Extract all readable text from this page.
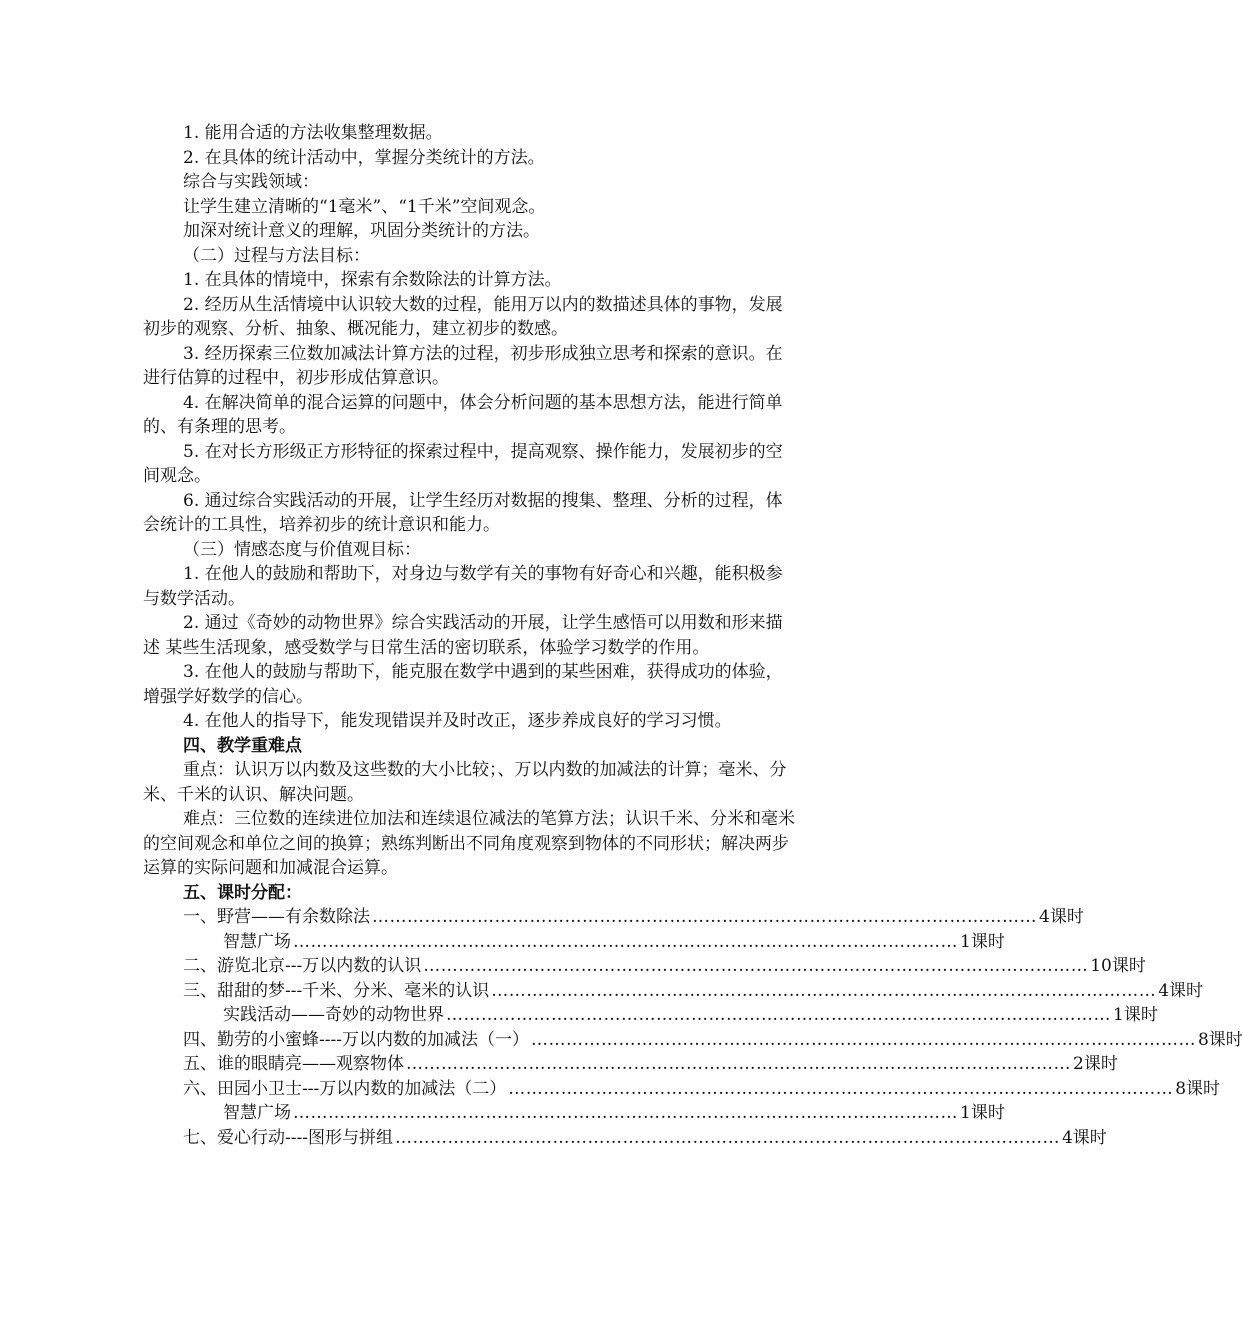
1. 能用合适的方法收集整理数据。

2. 在具体的统计活动中，掌握分类统计的方法。

综合与实践领域：

让学生建立清晰的“1毫米”、“1千米”空间观念。

加深对统计意义的理解，巩固分类统计的方法。

（二）过程与方法目标：

1. 在具体的情境中，探索有余数除法的计算方法。

2. 经历从生活情境中认识较大数的过程，能用万以内的数描述具体的事物，发展初步的观察、分析、抽象、概况能力，建立初步的数感。

3. 经历探索三位数加减法计算方法的过程，初步形成独立思考和探索的意识。在进行估算的过程中，初步形成估算意识。

4. 在解决简单的混合运算的问题中，体会分析问题的基本思想方法，能进行简单的、有条理的思考。

5. 在对长方形级正方形特征的探索过程中，提高观察、操作能力，发展初步的空间观念。

6. 通过综合实践活动的开展，让学生经历对数据的搜集、整理、分析的过程，体会统计的工具性，培养初步的统计意识和能力。

（三）情感态度与价值观目标：

1. 在他人的鼓励和帮助下，对身边与数学有关的事物有好奇心和兴趣，能积极参与数学活动。

2. 通过《奇妙的动物世界》综合实践活动的开展，让学生感悟可以用数和形来描述 某些生活现象，感受数学与日常生活的密切联系，体验学习数学的作用。

3. 在他人的鼓励与帮助下，能克服在数学中遇到的某些困难，获得成功的体验，增强学好数学的信心。

4. 在他人的指导下，能发现错误并及时改正，逐步养成良好的学习习惯。

四、教学重难点

重点：认识万以内数及这些数的大小比较；、万以内数的加减法的计算；毫米、分米、千米的认识、解决问题。

难点：三位数的连续进位加法和连续退位减法的笔算方法；认识千米、分米和毫米的空间观念和单位之间的换算；熟练判断出不同角度观察到物体的不同形状；解决两步运算的实际问题和加减混合运算。

五、课时分配：

一、野营——有余数除法 …………………………………………………………………………………………………… 4课时
智慧广场 …………………………………………………………………………………………………… 1课时
二、游览北京---万以内数的认识 …………………………………………………………………………………………………… 10课时
三、甜甜的梦---千米、分米、毫米的认识 …………………………………………………………………………………………………… 4课时
实践活动——奇妙的动物世界 …………………………………………………………………………………………………… 1课时
四、勤劳的小蜜蜂----万以内数的加减法（一） …………………………………………………………………………………………………… 8课时
五、谁的眼睛亮——观察物体 …………………………………………………………………………………………………… 2课时
六、田园小卫士---万以内数的加减法（二） …………………………………………………………………………………………………… 8课时
智慧广场 …………………………………………………………………………………………………… 1课时
七、爱心行动----图形与拼组 …………………………………………………………………………………………………… 4课时
